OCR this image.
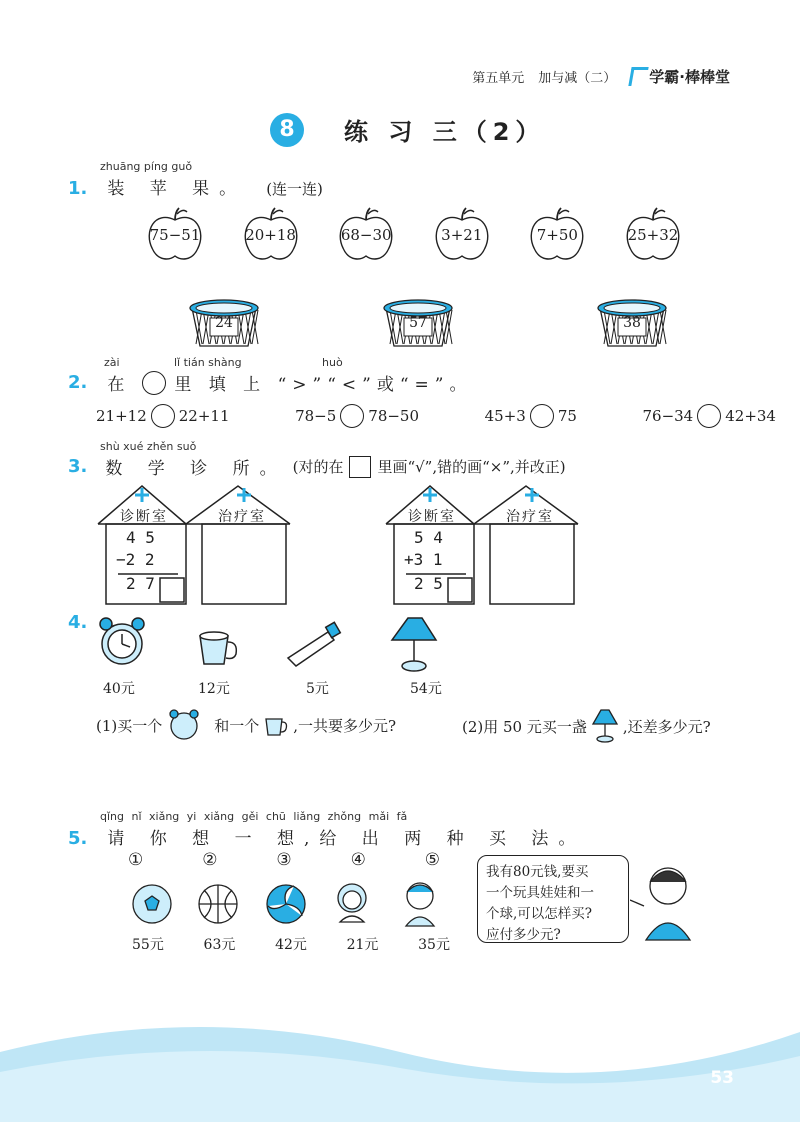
第五单元 加与减（二） 学霸·棒棒堂
8	练 习 三（2）
zhuāng píng guǒ
1. 装 苹 果。 (连一连)
75−51	20+18	68−30	3+21	7+50	25+32
24	57	38
zài	lǐ tián shàng	huò
2. 在 里 填 上 “>”“<”或“=”。
21+12 22+11	78−5 78−50	45+3 75	76−34 42+34
shù xué zhěn suǒ
3. 数 学 诊 所。 (对的在 里画“√”,错的画“×”,并改正)
诊断室	治疗室	诊断室	治疗室
4 5
−2 2
2 7
5 4
+3 1
2 5
4.
40元	12元	5元	54元
(1)买一个	和一个 ,一共要多少元?	(2)用 50 元买一盏 ,还差多少元?
qǐng nǐ xiǎng yi xiǎng gěi chū liǎng zhǒng mǎi fǎ
5. 请 你 想 一 想,给 出 两 种 买 法。
①	②	③	④	⑤
55元	63元	42元	21元	35元
我有80元钱,要买
一个玩具娃娃和一
个球,可以怎样买?
应付多少元?
53
